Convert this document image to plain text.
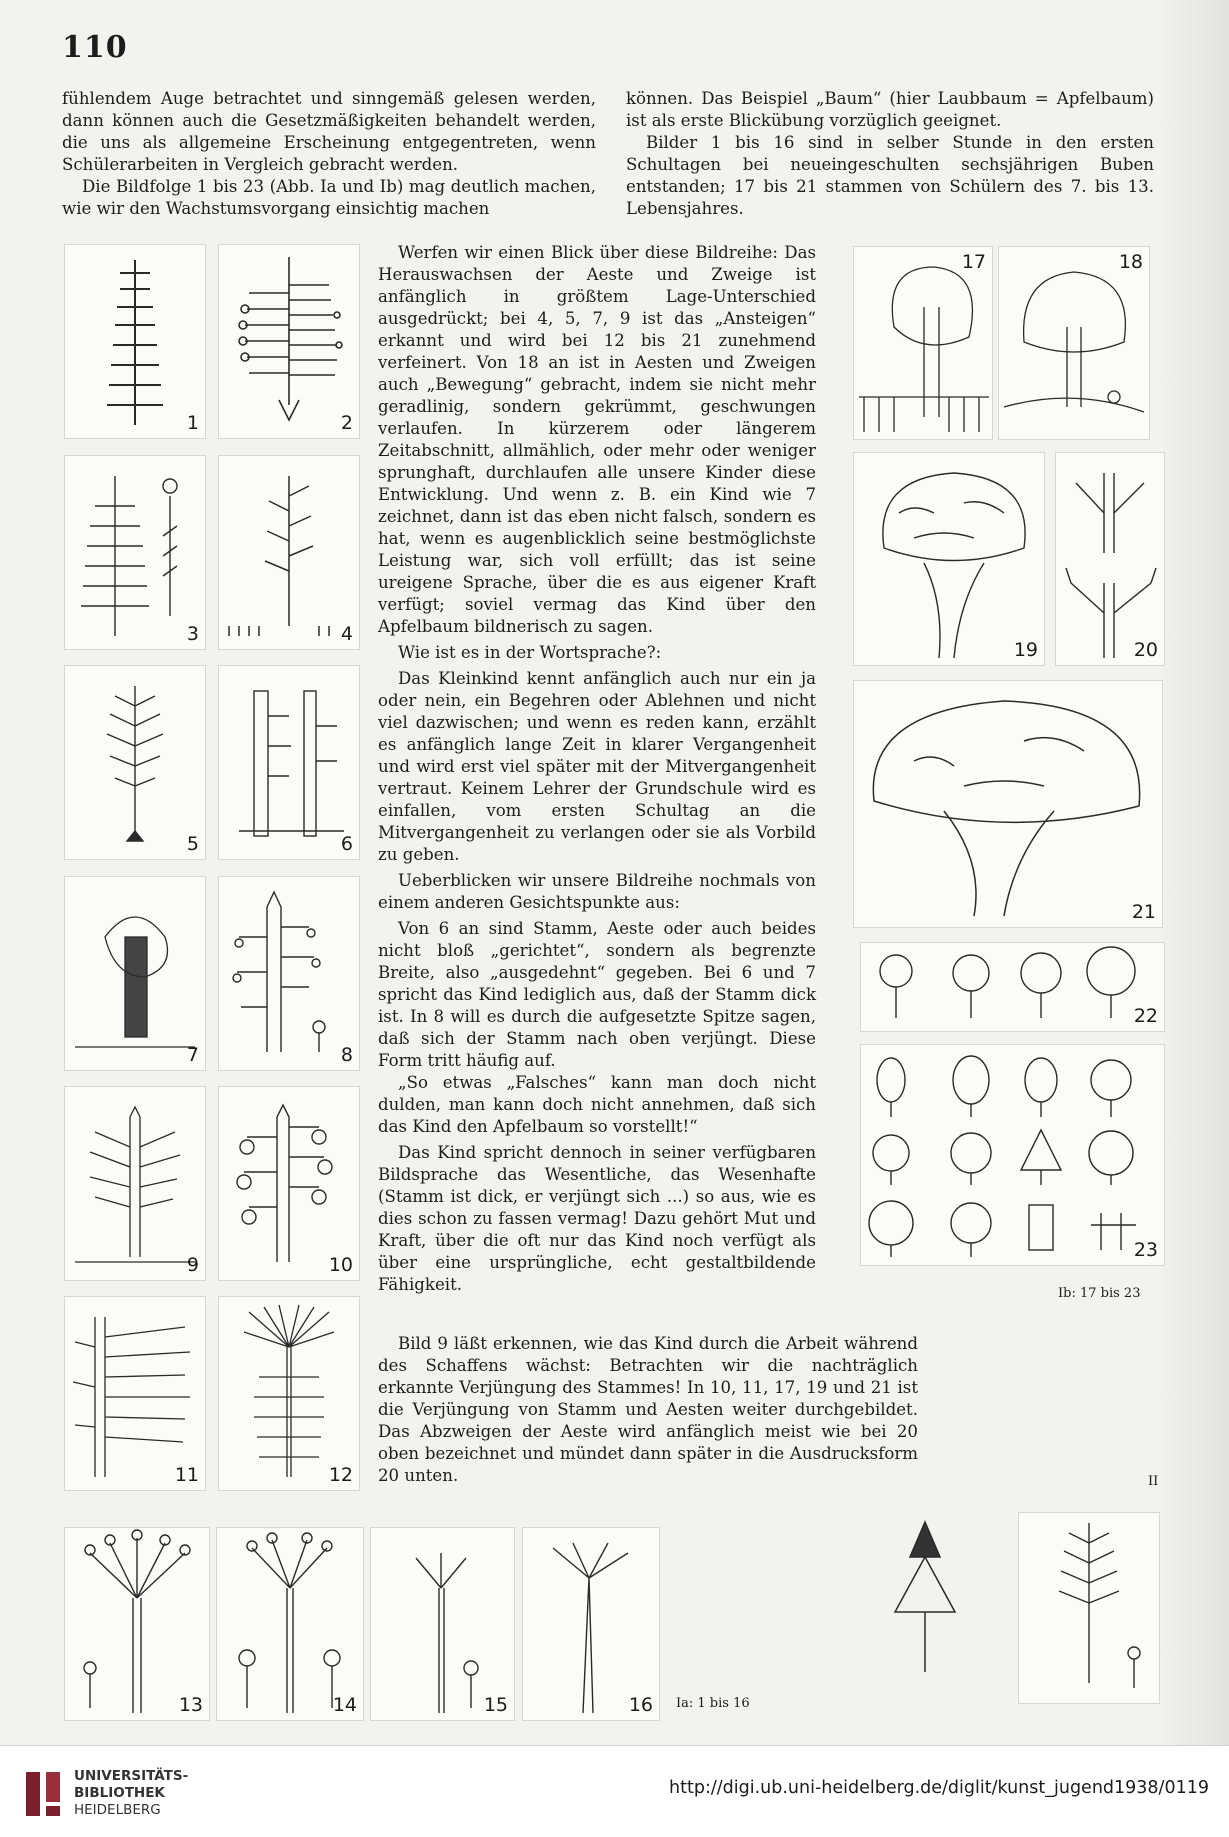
110

fühlendem Auge betrachtet und sinngemäß gelesen werden, dann können auch die Gesetzmäßigkeiten behandelt werden, die uns als allgemeine Erscheinung entgegentreten, wenn Schülerarbeiten in Vergleich gebracht werden.

Die Bildfolge 1 bis 23 (Abb. Ia und Ib) mag deutlich machen, wie wir den Wachstumsvorgang einsichtig machen

können. Das Beispiel „Baum“ (hier Laubbaum = Apfelbaum) ist als erste Blickübung vorzüglich geeignet.

Bilder 1 bis 16 sind in selber Stunde in den ersten Schultagen bei neueingeschulten sechsjährigen Buben entstanden; 17 bis 21 stammen von Schülern des 7. bis 13. Lebensjahres.

Werfen wir einen Blick über diese Bildreihe: Das Herauswachsen der Aeste und Zweige ist anfänglich in größtem Lage-Unterschied ausgedrückt; bei 4, 5, 7, 9 ist das „Ansteigen“ erkannt und wird bei 12 bis 21 zunehmend verfeinert. Von 18 an ist in Aesten und Zweigen auch „Bewegung“ gebracht, indem sie nicht mehr geradlinig, sondern gekrümmt, geschwungen verlaufen. In kürzerem oder längerem Zeitabschnitt, allmählich, oder mehr oder weniger sprunghaft, durchlaufen alle unsere Kinder diese Entwicklung. Und wenn z. B. ein Kind wie 7 zeichnet, dann ist das eben nicht falsch, sondern es hat, wenn es augenblicklich seine bestmöglichste Leistung war, sich voll erfüllt; das ist seine ureigene Sprache, über die es aus eigener Kraft verfügt; soviel vermag das Kind über den Apfelbaum bildnerisch zu sagen.

Wie ist es in der Wortsprache?:

Das Kleinkind kennt anfänglich auch nur ein ja oder nein, ein Begehren oder Ablehnen und nicht viel dazwischen; und wenn es reden kann, erzählt es anfänglich lange Zeit in klarer Vergangenheit und wird erst viel später mit der Mitvergangenheit vertraut. Keinem Lehrer der Grundschule wird es einfallen, vom ersten Schultag an die Mitvergangenheit zu verlangen oder sie als Vorbild zu geben.

Ueberblicken wir unsere Bildreihe nochmals von einem anderen Gesichtspunkte aus:

Von 6 an sind Stamm, Aeste oder auch beides nicht bloß „gerichtet“, sondern als begrenzte Breite, also „ausgedehnt“ gegeben. Bei 6 und 7 spricht das Kind lediglich aus, daß der Stamm dick ist. In 8 will es durch die aufgesetzte Spitze sagen, daß sich der Stamm nach oben verjüngt. Diese Form tritt häufig auf.

„So etwas „Falsches“ kann man doch nicht dulden, man kann doch nicht annehmen, daß sich das Kind den Apfelbaum so vorstellt!“

Das Kind spricht dennoch in seiner verfügbaren Bildsprache das Wesentliche, das Wesenhafte (Stamm ist dick, er verjüngt sich ...) so aus, wie es dies schon zu fassen vermag! Dazu gehört Mut und Kraft, über die oft nur das Kind noch verfügt als über eine ursprüngliche, echt gestaltbildende Fähigkeit.

Bild 9 läßt erkennen, wie das Kind durch die Arbeit während des Schaffens wächst: Betrachten wir die nachträglich erkannte Verjüngung des Stammes! In 10, 11, 17, 19 und 21 ist die Verjüngung von Stamm und Aesten weiter durchgebildet. Das Abzweigen der Aeste wird anfänglich meist wie bei 20 oben bezeichnet und mündet dann später in die Ausdrucksform 20 unten.

1	2
3	4
5	6
7	8
9	10
11	12
17	18
19	20
21
22
23
Ib: 17 bis 23
II
13	14	15	16 Ia: 1 bis 16
UNIVERSITÄTS-
BIBLIOTHEK
HEIDELBERG
http://digi.ub.uni-heidelberg.de/diglit/kunst_jugend1938/0119
